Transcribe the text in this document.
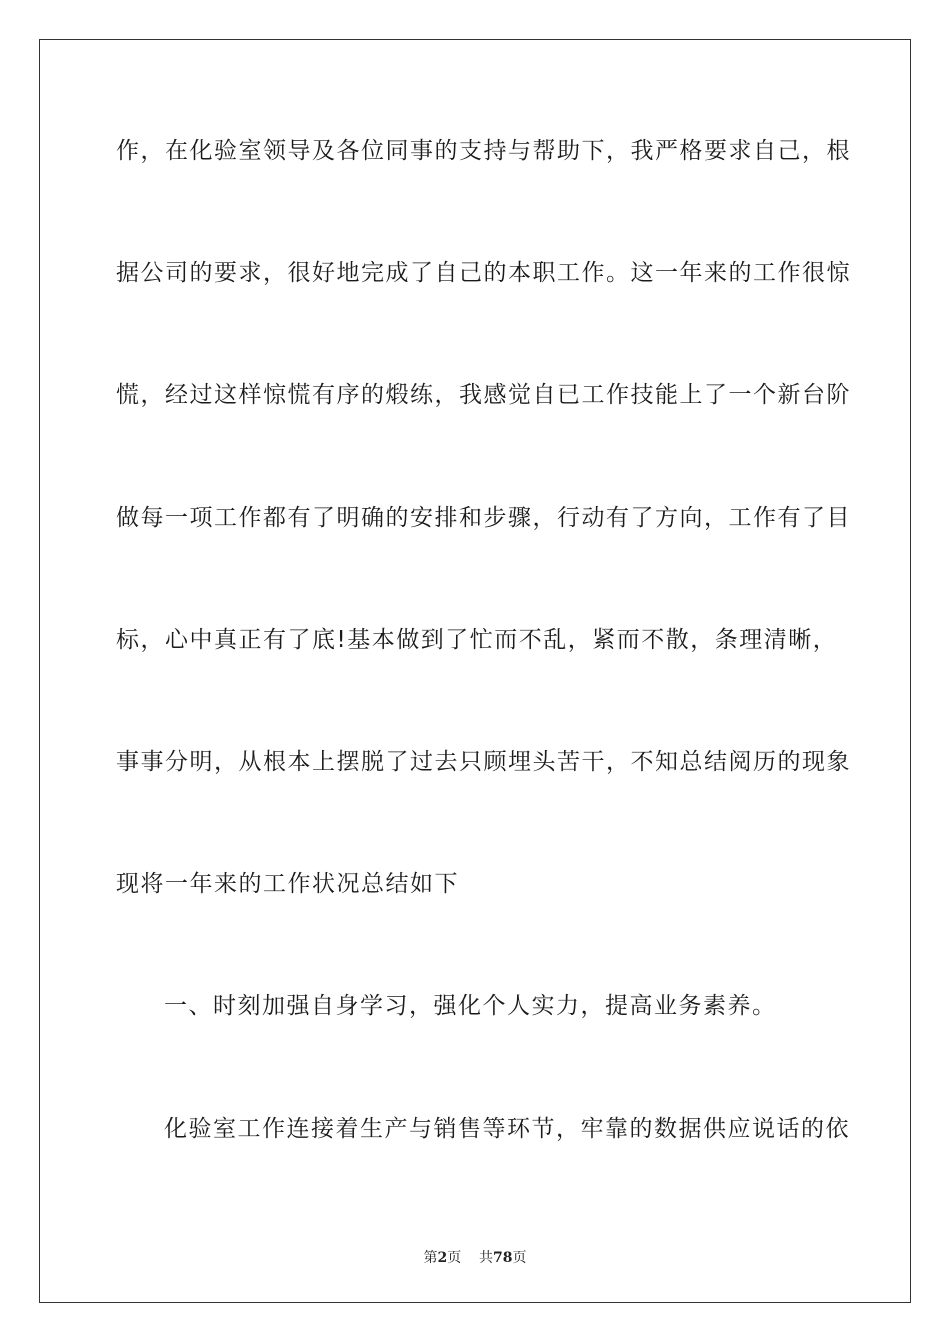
作，在化验室领导及各位同事的支持与帮助下，我严格要求自己，根
据公司的要求，很好地完成了自己的本职工作。这一年来的工作很惊
慌，经过这样惊慌有序的煅练，我感觉自已工作技能上了一个新台阶
做每一项工作都有了明确的安排和步骤，行动有了方向，工作有了目
标，心中真正有了底!基本做到了忙而不乱，紧而不散，条理清晰，
事事分明，从根本上摆脱了过去只顾埋头苦干，不知总结阅历的现象
现将一年来的工作状况总结如下
一、时刻加强自身学习，强化个人实力，提高业务素养。
化验室工作连接着生产与销售等环节，牢靠的数据供应说话的依
第2页 共78页
